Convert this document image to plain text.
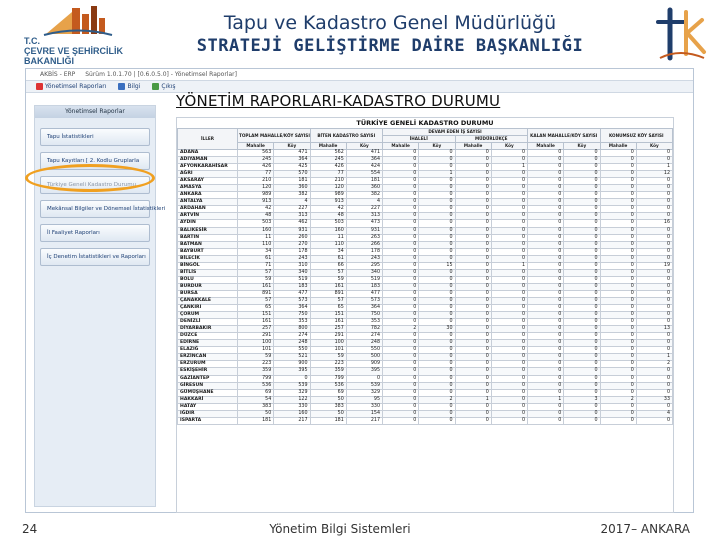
T.C.
ÇEVRE VE ŞEHİRCİLİK
BAKANLIĞI
Tapu ve Kadastro Genel Müdürlüğü
STRATEJİ GELİŞTİRME DAİRE BAŞKANLIĞI
AKBİS - ERP Sürüm 1.0.1.70 | [0.6.0.5.0] - Yönetimsel Raporlar]
Yönetimsel Raporları	Bilgi	Çıkış
Yönetimsel Raporlar
Tapu İstatistikleri
Tapu Kayıtları [ 2. Kodlu Gruplarla
Türkiye Geneli Kadastro Durumu
Mekânsal Bilgiler ve Dönemsel İstatistikleri
İl Faaliyet Raporları
İç Denetim İstatistikleri ve Raporları
YÖNETİM RAPORLARI-KADASTRO DURUMU
TÜRKİYE GENELİ KADASTRO DURUMU
İLLER	TOPLAM MAHALLE/KÖY SAYISI		BİTEN KADASTRO SAYISI		DEVAM EDEN İŞ SAYISI				KALAN MAHALLE/KÖY SAYISI		KONUMSUZ KÖY SAYISI	
					İHALELİ		MÜDÜRLÜKÇE					
	Mahalle	Köy	Mahalle	Köy	Mahalle	Köy	Mahalle	Köy	Mahalle	Köy	Mahalle	Köy
ADANA	563	471	562	471	0	0	0	0	0	0	0	0
ADIYAMAN	245	364	245	364	0	0	0	0	0	0	0	0
AFYONKARAHİSAR	426	425	426	424	0	0	0	1	0	0	0	1
AĞRI	77	570	77	554	0	1	0	0	0	0	0	12
AKSARAY	210	181	210	181	0	0	0	0	0	0	0	0
AMASYA	120	360	120	360	0	0	0	0	0	0	0	0
ANKARA	989	382	989	382	0	0	0	0	0	0	0	0
ANTALYA	913	4	913	4	0	0	0	0	0	0	0	0
ARDAHAN	42	227	42	227	0	0	0	0	0	0	0	0
ARTVİN	48	313	48	313	0	0	0	0	0	0	0	0
AYDIN	503	462	503	473	0	0	0	0	0	0	0	16
BALIKESİR	160	931	160	931	0	0	0	0	0	0	0	0
BARTIN	11	260	11	263	0	0	0	0	0	0	0	0
BATMAN	110	270	110	266	0	0	0	0	0	0	0	0
BAYBURT	34	178	34	178	0	0	0	0	0	0	0	0
BİLECİK	61	243	61	243	0	0	0	0	0	0	0	0
BİNGÖL	71	310	66	295	0	15	0	1	0	0	0	19
BİTLİS	57	340	57	340	0	0	0	0	0	0	0	0
BOLU	59	519	59	519	0	0	0	0	0	0	0	0
BURDUR	161	183	161	183	0	0	0	0	0	0	0	0
BURSA	891	477	891	477	0	0	0	0	0	0	0	0
ÇANAKKALE	57	573	57	573	0	0	0	0	0	0	0	0
ÇANKIRI	65	364	65	364	0	0	0	0	0	0	0	0
ÇORUM	151	750	151	750	0	0	0	0	0	0	0	0
DENİZLİ	161	353	161	353	0	0	0	0	0	0	0	0
DİYARBAKIR	257	800	257	782	2	30	0	0	0	0	0	13
DÜZCE	291	274	291	274	0	0	0	0	0	0	0	0
EDİRNE	100	248	100	248	0	0	0	0	0	0	0	0
ELAZIĞ	101	550	101	550	0	0	0	0	0	0	0	0
ERZİNCAN	59	521	59	500	0	0	0	0	0	0	0	1
ERZURUM	223	900	223	909	0	0	0	0	0	0	0	2
ESKİŞEHİR	359	395	359	395	0	0	0	0	0	0	0	0
GAZİANTEP	799	0	799	0	0	0	0	0	0	0	0	0
GİRESUN	536	539	536	539	0	0	0	0	0	0	0	0
GÜMÜŞHANE	69	329	69	329	0	0	0	0	0	0	0	0
HAKKARİ	54	122	50	95	0	2	1	0	1	3	2	33
HATAY	383	330	383	330	0	0	0	0	0	0	0	0
IĞDIR	50	160	50	154	0	0	0	0	0	0	0	4
ISPARTA	181	217	181	217	0	0	0	0	0	0	0	0
24	Yönetim Bilgi Sistemleri	2017– ANKARA
